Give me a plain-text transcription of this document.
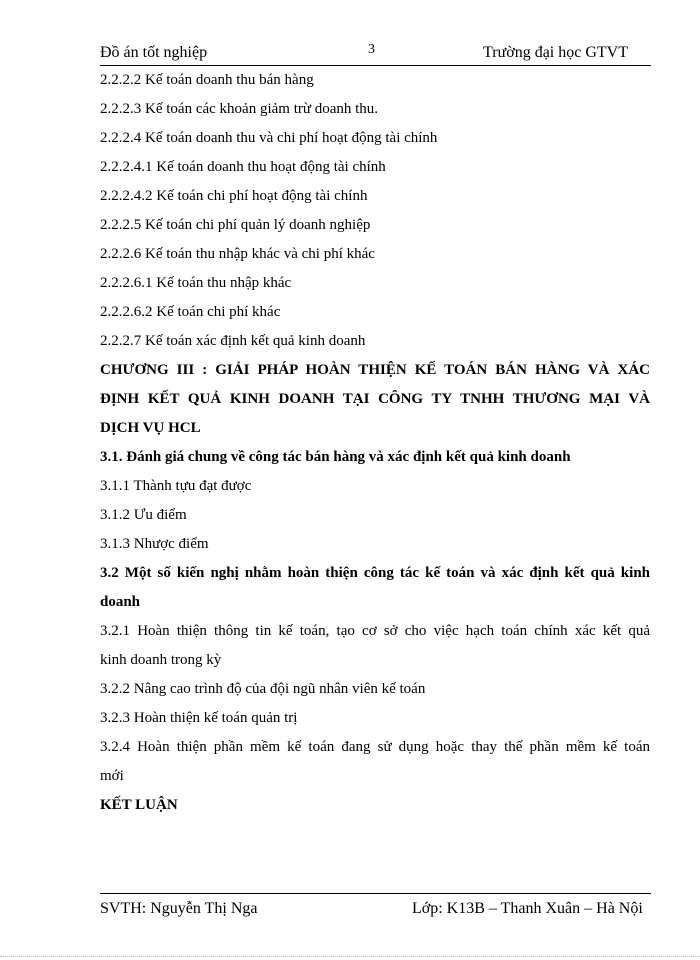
Đồ án tốt nghiệp	3	Trường đại học GTVT
2.2.2.2 Kế toán doanh thu bán hàng
2.2.2.3 Kế toán các khoản giảm trừ doanh thu.
2.2.2.4 Kế toán doanh thu và chi phí hoạt động tài chính
2.2.2.4.1 Kế toán doanh thu hoạt động tài chính
2.2.2.4.2 Kế toán chi phí hoạt động tài chính
2.2.2.5 Kế toán chi phí quản lý doanh nghiệp
2.2.2.6 Kế toán thu nhập khác và chi phí khác
2.2.2.6.1 Kế toán thu nhập khác
2.2.2.6.2 Kế toán chi phí khác
2.2.2.7 Kế toán xác định kết quả kinh doanh
CHƯƠNG III : GIẢI PHÁP HOÀN THIỆN KẾ TOÁN BÁN HÀNG VÀ XÁC
ĐỊNH KẾT QUẢ KINH DOANH TẠI CÔNG TY TNHH THƯƠNG MẠI VÀ
DỊCH VỤ HCL
3.1. Đánh giá chung về công tác bán hàng và xác định kết quả kinh doanh
3.1.1 Thành tựu đạt được
3.1.2 Ưu điểm
3.1.3 Nhược điểm
3.2 Một số kiến nghị nhằm hoàn thiện công tác kế toán và xác định kết quả kinh
doanh
3.2.1 Hoàn thiện thông tin kế toán, tạo cơ sở cho việc hạch toán chính xác kết quả
kinh doanh trong kỳ
3.2.2 Nâng cao trình độ của đội ngũ nhân viên kế toán
3.2.3 Hoàn thiện kế toán quản trị
3.2.4 Hoàn thiện phần mềm kế toán đang sử dụng hoặc thay thế phần mềm kế toán
mới
KẾT LUẬN
SVTH: Nguyễn Thị Nga	Lớp: K13B – Thanh Xuân – Hà Nội
